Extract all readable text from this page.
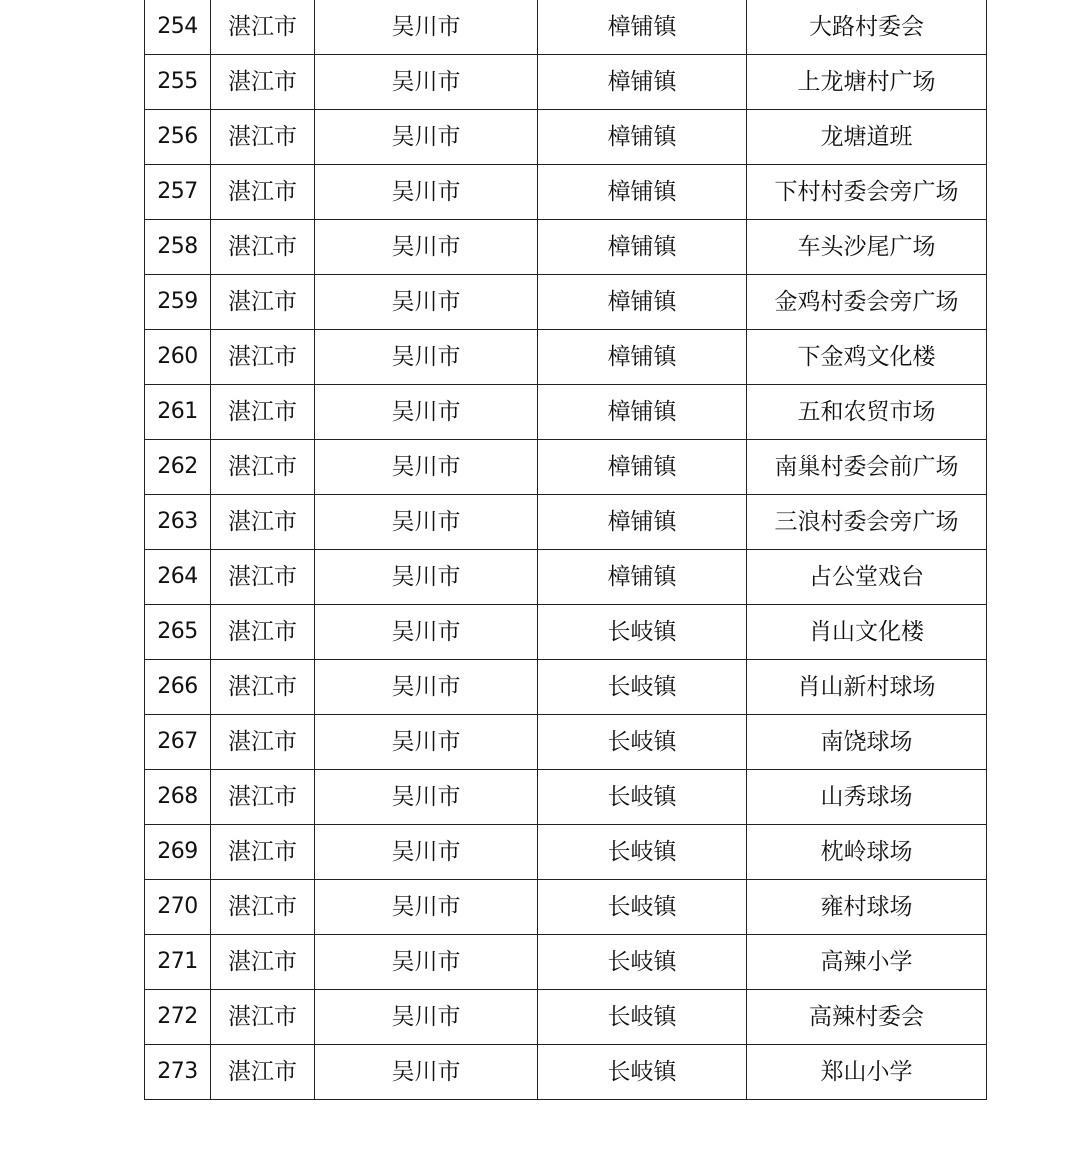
254	湛江市	吴川市	樟铺镇	大路村委会
255	湛江市	吴川市	樟铺镇	上龙塘村广场
256	湛江市	吴川市	樟铺镇	龙塘道班
257	湛江市	吴川市	樟铺镇	下村村委会旁广场
258	湛江市	吴川市	樟铺镇	车头沙尾广场
259	湛江市	吴川市	樟铺镇	金鸡村委会旁广场
260	湛江市	吴川市	樟铺镇	下金鸡文化楼
261	湛江市	吴川市	樟铺镇	五和农贸市场
262	湛江市	吴川市	樟铺镇	南巢村委会前广场
263	湛江市	吴川市	樟铺镇	三浪村委会旁广场
264	湛江市	吴川市	樟铺镇	占公堂戏台
265	湛江市	吴川市	长岐镇	肖山文化楼
266	湛江市	吴川市	长岐镇	肖山新村球场
267	湛江市	吴川市	长岐镇	南饶球场
268	湛江市	吴川市	长岐镇	山秀球场
269	湛江市	吴川市	长岐镇	枕岭球场
270	湛江市	吴川市	长岐镇	雍村球场
271	湛江市	吴川市	长岐镇	高辣小学
272	湛江市	吴川市	长岐镇	高辣村委会
273	湛江市	吴川市	长岐镇	郑山小学
